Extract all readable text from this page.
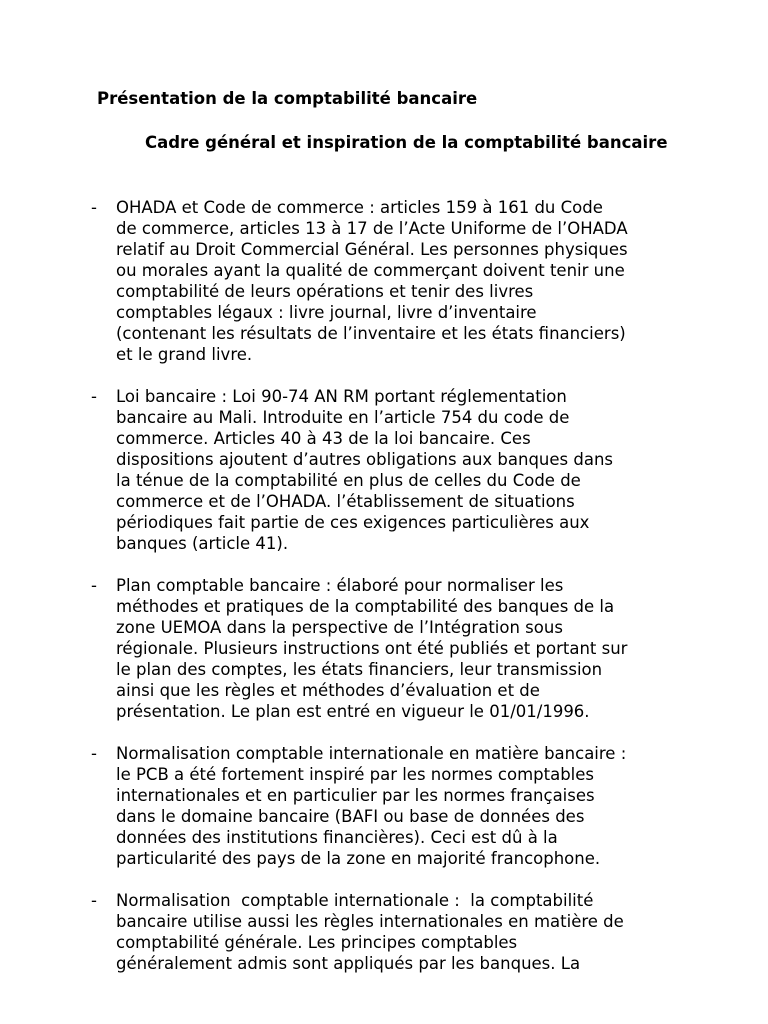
Présentation de la comptabilité bancaire
Cadre général et inspiration de la comptabilité bancaire
- OHADA et Code de commerce : articles 159 à 161 du Code
de commerce, articles 13 à 17 de l’Acte Uniforme de l’OHADA
relatif au Droit Commercial Général. Les personnes physiques
ou morales ayant la qualité de commerçant doivent tenir une
comptabilité de leurs opérations et tenir des livres
comptables légaux : livre journal, livre d’inventaire
(contenant les résultats de l’inventaire et les états financiers)
et le grand livre.
- Loi bancaire : Loi 90-74 AN RM portant réglementation
bancaire au Mali. Introduite en l’article 754 du code de
commerce. Articles 40 à 43 de la loi bancaire. Ces
dispositions ajoutent d’autres obligations aux banques dans
la ténue de la comptabilité en plus de celles du Code de
commerce et de l’OHADA. l’établissement de situations
périodiques fait partie de ces exigences particulières aux
banques (article 41).
- Plan comptable bancaire : élaboré pour normaliser les
méthodes et pratiques de la comptabilité des banques de la
zone UEMOA dans la perspective de l’Intégration sous
régionale. Plusieurs instructions ont été publiés et portant sur
le plan des comptes, les états financiers, leur transmission
ainsi que les règles et méthodes d’évaluation et de
présentation. Le plan est entré en vigueur le 01/01/1996.
- Normalisation comptable internationale en matière bancaire :
le PCB a été fortement inspiré par les normes comptables
internationales et en particulier par les normes françaises
dans le domaine bancaire (BAFI ou base de données des
données des institutions financières). Ceci est dû à la
particularité des pays de la zone en majorité francophone.
- Normalisation  comptable internationale :  la comptabilité
bancaire utilise aussi les règles internationales en matière de
comptabilité générale. Les principes comptables
généralement admis sont appliqués par les banques. La
